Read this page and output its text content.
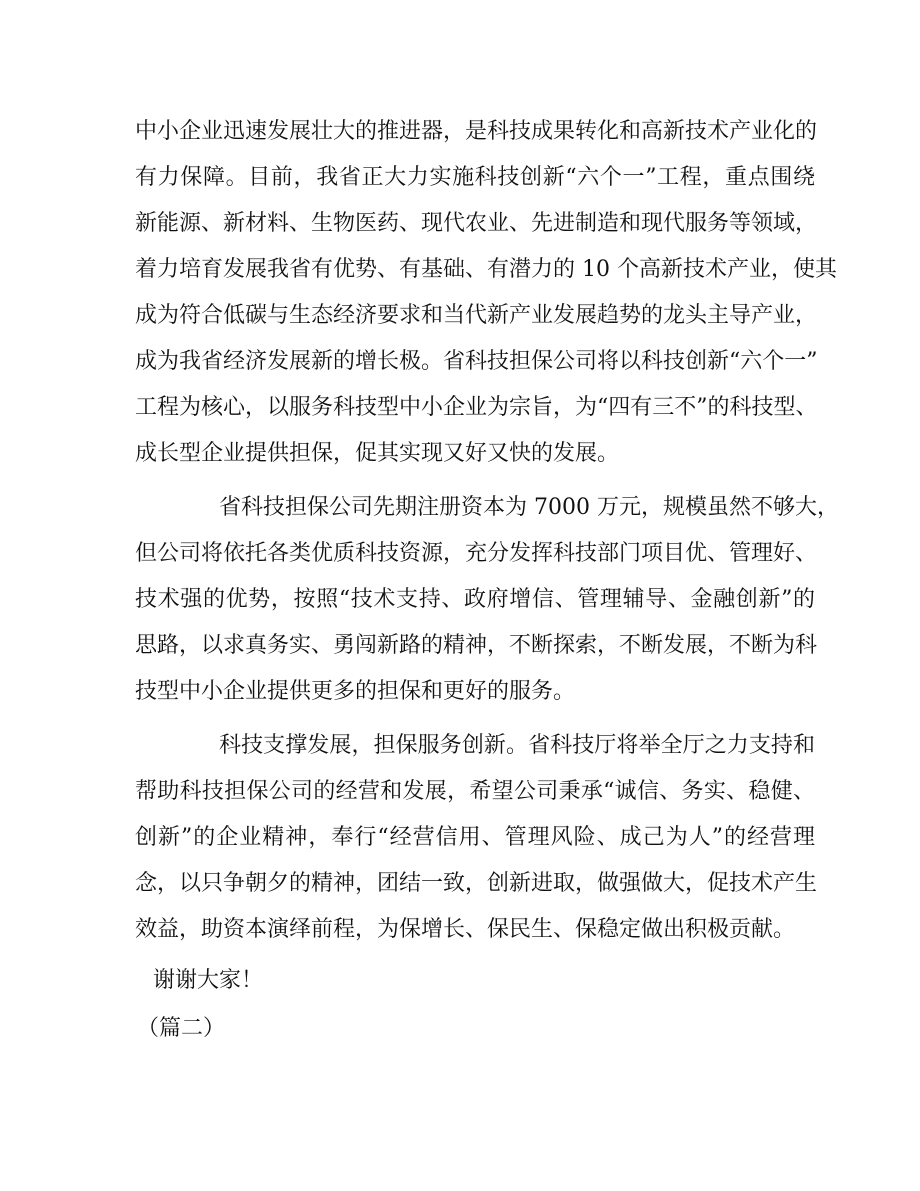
中小企业迅速发展壮大的推进器，是科技成果转化和高新技术产业化的
有力保障。目前，我省正大力实施科技创新“六个一”工程，重点围绕
新能源、新材料、生物医药、现代农业、先进制造和现代服务等领域，
着力培育发展我省有优势、有基础、有潜力的 10 个高新技术产业，使其
成为符合低碳与生态经济要求和当代新产业发展趋势的龙头主导产业，
成为我省经济发展新的增长极。省科技担保公司将以科技创新“六个一”
工程为核心，以服务科技型中小企业为宗旨，为“四有三不”的科技型、
成长型企业提供担保，促其实现又好又快的发展。
省科技担保公司先期注册资本为 7000 万元，规模虽然不够大，
但公司将依托各类优质科技资源，充分发挥科技部门项目优、管理好、
技术强的优势，按照“技术支持、政府增信、管理辅导、金融创新”的
思路，以求真务实、勇闯新路的精神，不断探索，不断发展，不断为科
技型中小企业提供更多的担保和更好的服务。
科技支撑发展，担保服务创新。省科技厅将举全厅之力支持和
帮助科技担保公司的经营和发展，希望公司秉承“诚信、务实、稳健、
创新”的企业精神，奉行“经营信用、管理风险、成己为人”的经营理
念，以只争朝夕的精神，团结一致，创新进取，做强做大，促技术产生
效益，助资本演绎前程，为保增长、保民生、保稳定做出积极贡献。
谢谢大家！
（篇二）
